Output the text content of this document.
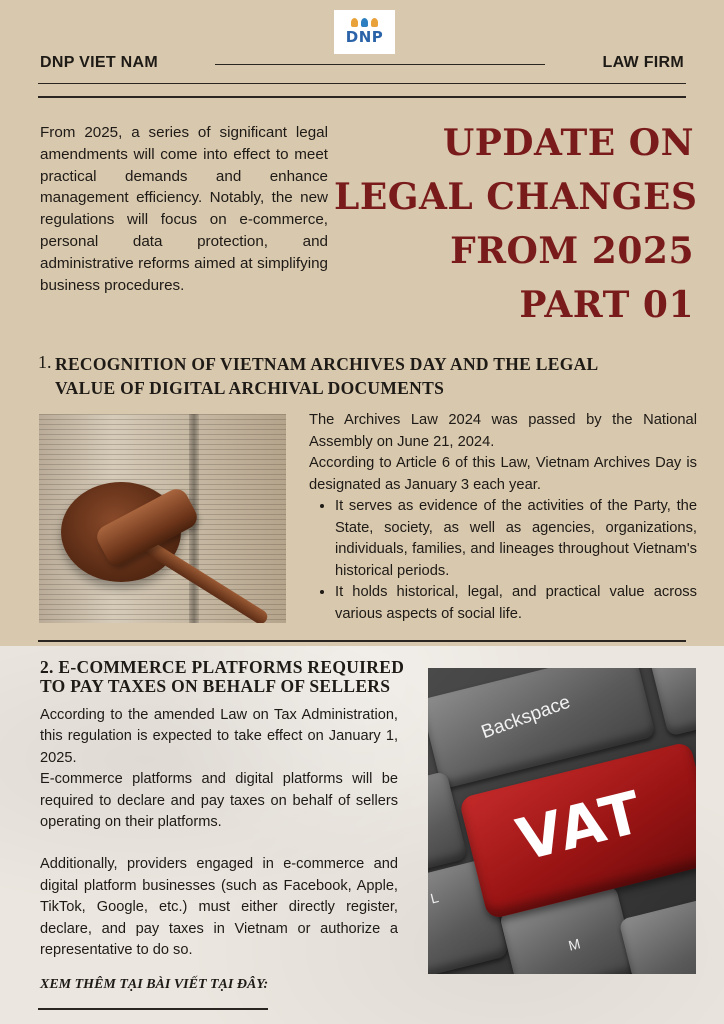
DNP
DNP VIET NAM	LAW FIRM
From 2025, a series of significant legal amendments will come into effect to meet practical demands and enhance management efficiency. Notably, the new regulations will focus on e-commerce, personal data protection, and administrative reforms aimed at simplifying business procedures.
UPDATE ON
LEGAL CHANGES
FROM 2025
PART 01
1. RECOGNITION OF VIETNAM ARCHIVES DAY AND THE LEGAL VALUE OF DIGITAL ARCHIVAL DOCUMENTS

The Archives Law 2024 was passed by the National Assembly on June 21, 2024.

According to Article 6 of this Law, Vietnam Archives Day is designated as January 3 each year.

• It serves as evidence of the activities of the Party, the State, society, as well as agencies, organizations, individuals, families, and lineages throughout Vietnam's historical periods.
• It holds historical, legal, and practical value across various aspects of social life.
2. E-COMMERCE PLATFORMS REQUIRED
TO PAY TAXES ON BEHALF OF SELLERS

According to the amended Law on Tax Administration, this regulation is expected to take effect on January 1, 2025.

E-commerce platforms and digital platforms will be required to declare and pay taxes on behalf of sellers operating on their platforms.

Additionally, providers engaged in e-commerce and digital platform businesses (such as Facebook, Apple, TikTok, Google, etc.) must either directly register, declare, and pay taxes in Vietnam or authorize a representative to do so.

Backspace
L
M
VAT
XEM THÊM TẠI BÀI VIẾT TẠI ĐÂY:
